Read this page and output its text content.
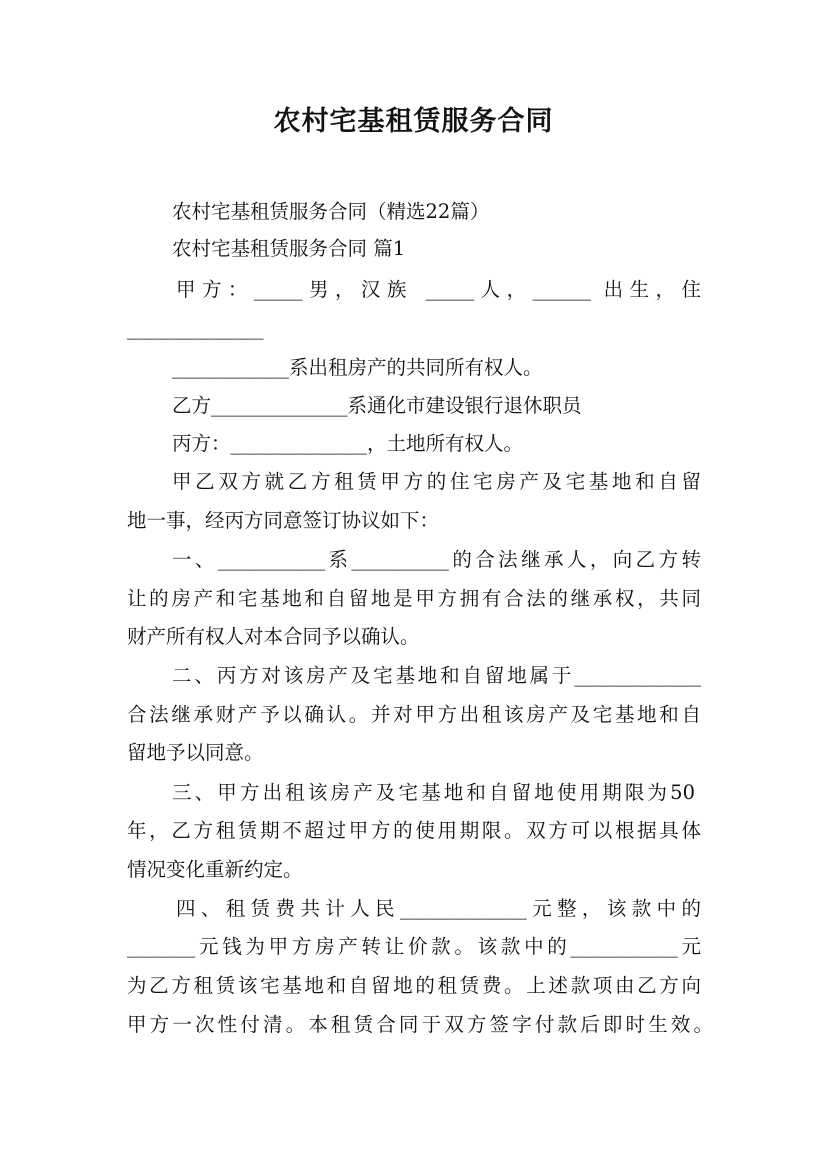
农村宅基租赁服务合同
农村宅基租赁服务合同（精选22篇）
农村宅基租赁服务合同 篇1
甲方：_____男，汉族 _____人，______ 出生，住
______________
____________系出租房产的共同所有权人。
乙方______________系通化市建设银行退休职员
丙方：______________，土地所有权人。
甲乙双方就乙方租赁甲方的住宅房产及宅基地和自留
地一事，经丙方同意签订协议如下：
一、___________系__________的合法继承人，向乙方转
让的房产和宅基地和自留地是甲方拥有合法的继承权，共同
财产所有权人对本合同予以确认。
二、丙方对该房产及宅基地和自留地属于_____________
合法继承财产予以确认。并对甲方出租该房产及宅基地和自
留地予以同意。
三、甲方出租该房产及宅基地和自留地使用期限为50
年，乙方租赁期不超过甲方的使用期限。双方可以根据具体
情况变化重新约定。
四、租赁费共计人民_____________元整，该款中的
_______元钱为甲方房产转让价款。该款中的___________元
为乙方租赁该宅基地和自留地的租赁费。上述款项由乙方向
甲方一次性付清。本租赁合同于双方签字付款后即时生效。
